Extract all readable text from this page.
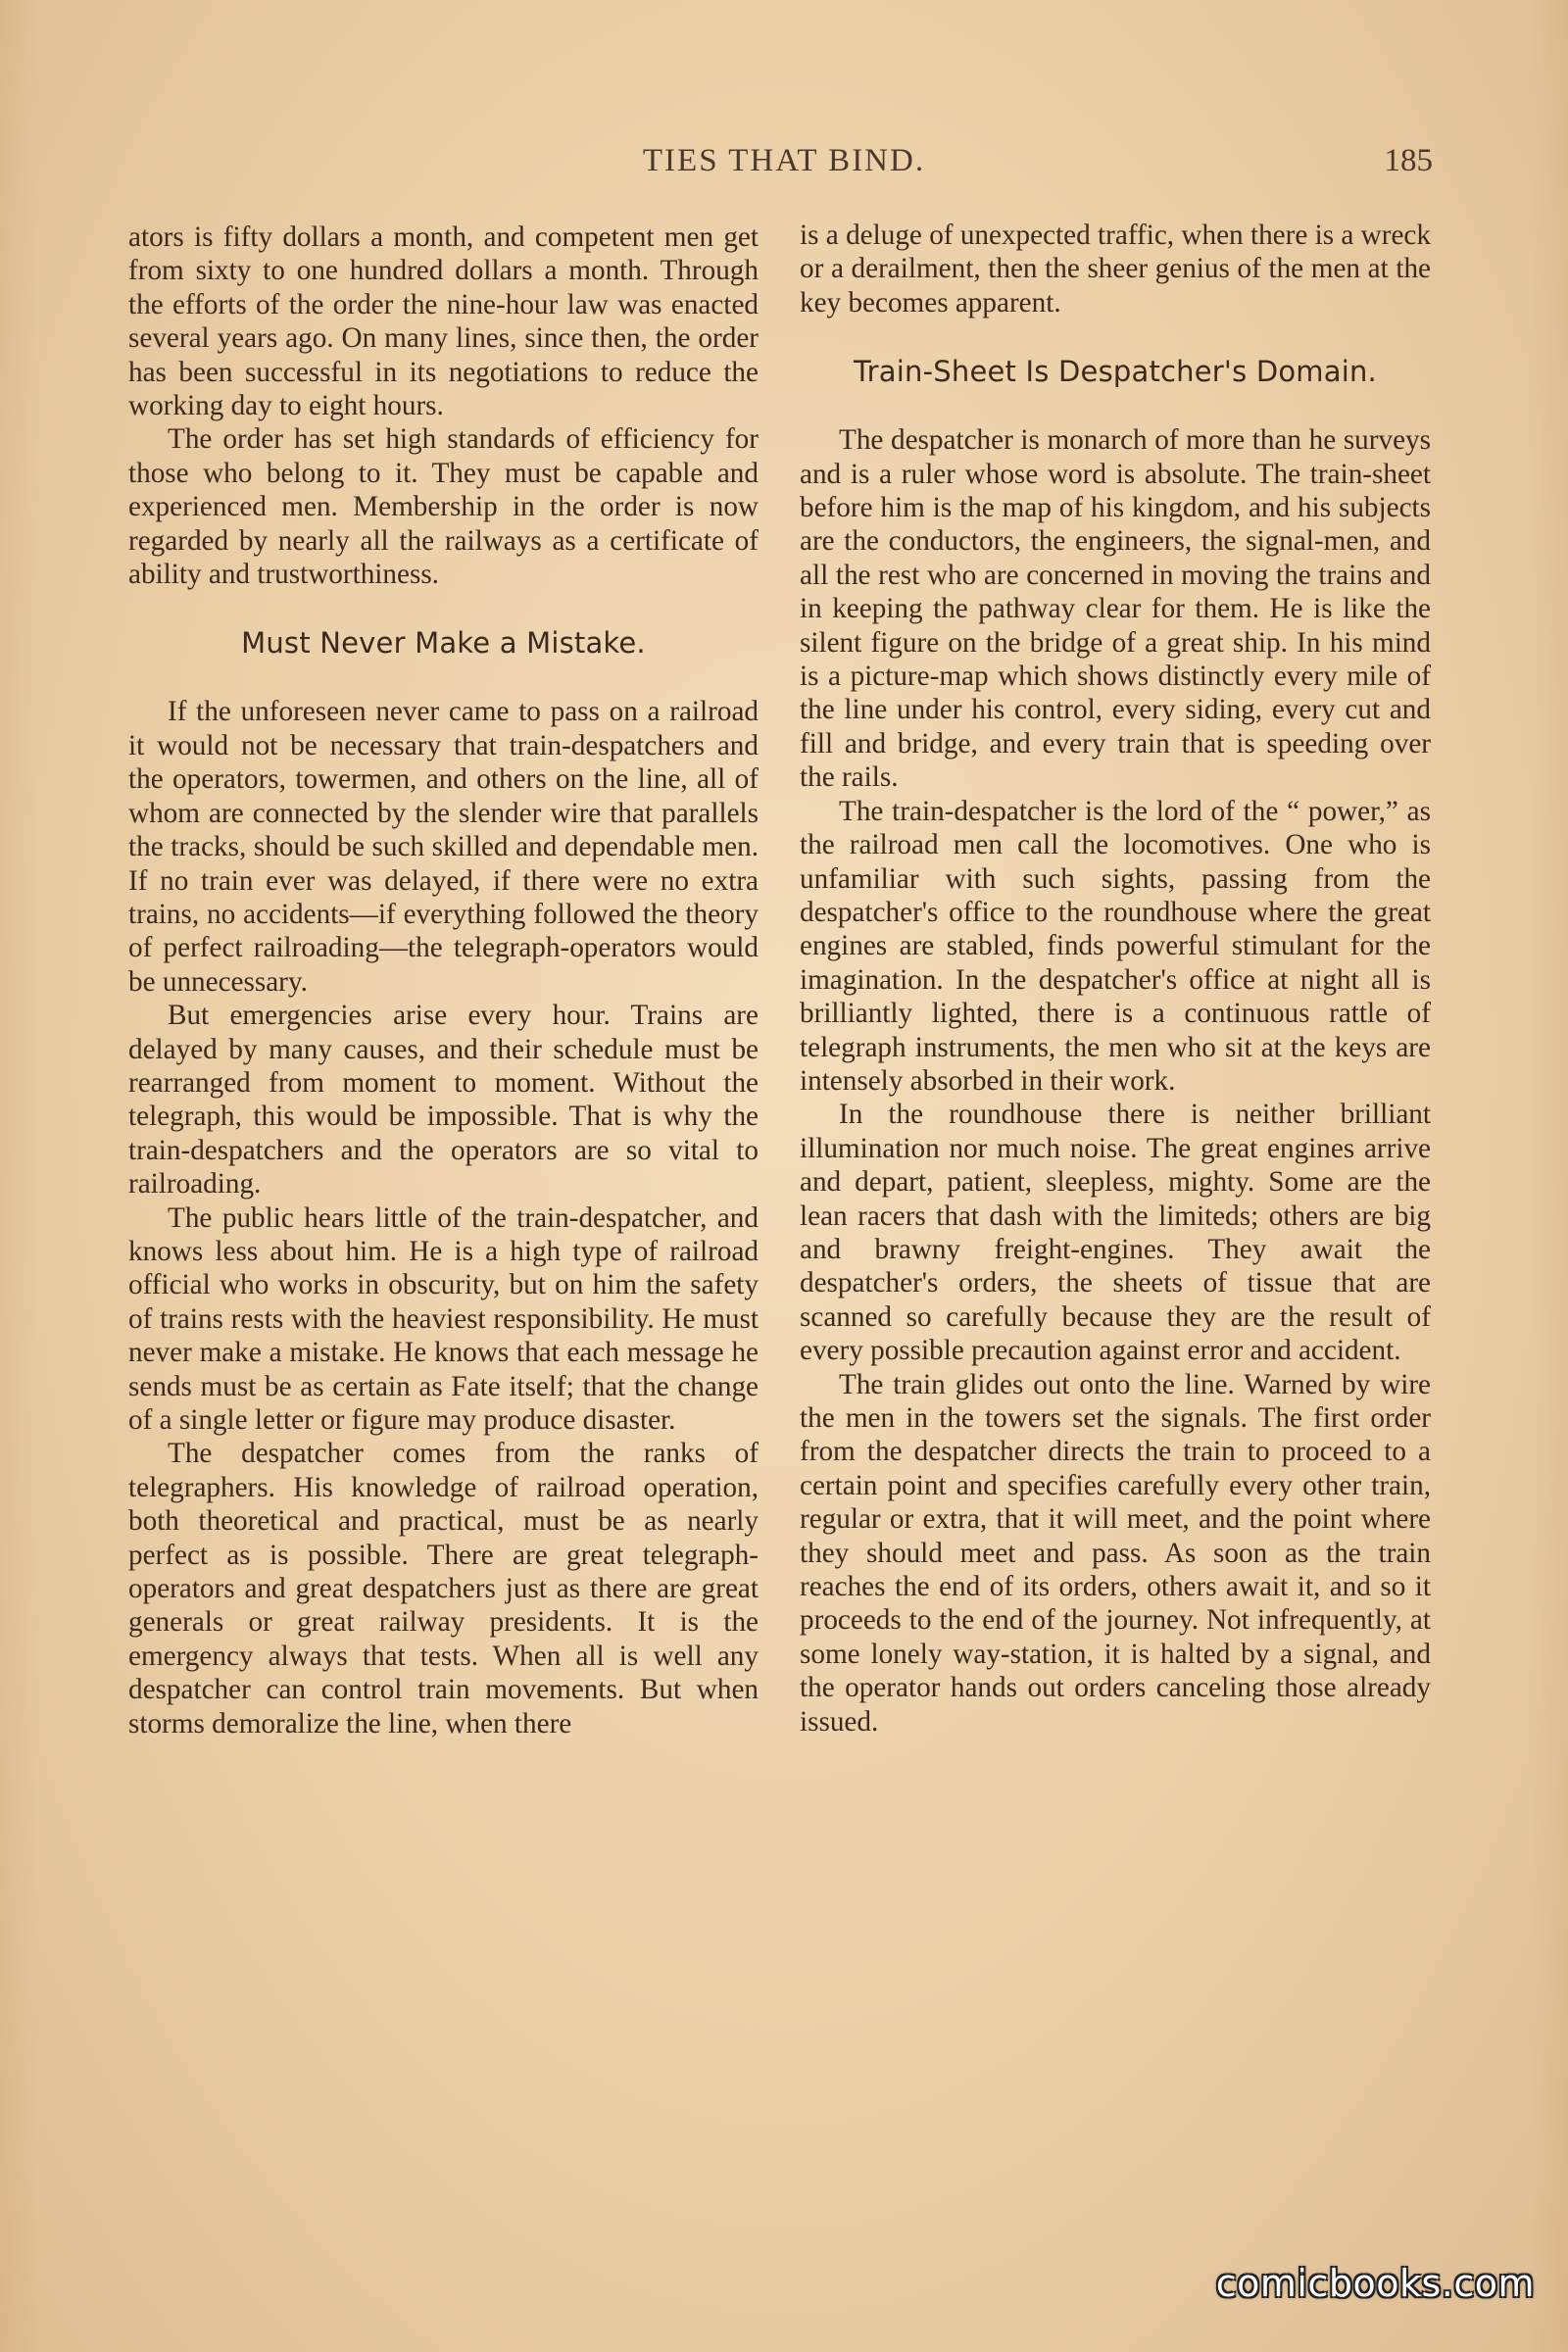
TIES THAT BIND.	185

ators is fifty dollars a month, and competent men get from sixty to one hundred dollars a month. Through the efforts of the order the nine-hour law was enacted several years ago. On many lines, since then, the order has been successful in its negotiations to reduce the working day to eight hours.

The order has set high standards of efficiency for those who belong to it. They must be capable and experienced men. Membership in the order is now regarded by nearly all the railways as a certificate of ability and trustworthiness.

Must Never Make a Mistake.

If the unforeseen never came to pass on a railroad it would not be necessary that train-despatchers and the operators, towermen, and others on the line, all of whom are connected by the slender wire that parallels the tracks, should be such skilled and dependable men. If no train ever was delayed, if there were no extra trains, no accidents—if everything followed the theory of perfect railroading—the telegraph-operators would be unnecessary.

But emergencies arise every hour. Trains are delayed by many causes, and their schedule must be rearranged from moment to moment. Without the telegraph, this would be impossible. That is why the train-despatchers and the operators are so vital to railroading.

The public hears little of the train-despatcher, and knows less about him. He is a high type of railroad official who works in obscurity, but on him the safety of trains rests with the heaviest responsibility. He must never make a mistake. He knows that each message he sends must be as certain as Fate itself; that the change of a single letter or figure may produce disaster.

The despatcher comes from the ranks of telegraphers. His knowledge of railroad operation, both theoretical and practical, must be as nearly perfect as is possible. There are great telegraph-operators and great despatchers just as there are great generals or great railway presidents. It is the emergency always that tests. When all is well any despatcher can control train movements. But when storms demoralize the line, when there

is a deluge of unexpected traffic, when there is a wreck or a derailment, then the sheer genius of the men at the key becomes apparent.

Train-Sheet Is Despatcher's Domain.

The despatcher is monarch of more than he surveys and is a ruler whose word is absolute. The train-sheet before him is the map of his kingdom, and his subjects are the conductors, the engineers, the signal-men, and all the rest who are concerned in moving the trains and in keeping the pathway clear for them. He is like the silent figure on the bridge of a great ship. In his mind is a picture-map which shows distinctly every mile of the line under his control, every siding, every cut and fill and bridge, and every train that is speeding over the rails.

The train-despatcher is the lord of the “ power,” as the railroad men call the locomotives. One who is unfamiliar with such sights, passing from the despatcher's office to the roundhouse where the great engines are stabled, finds powerful stimulant for the imagination. In the despatcher's office at night all is brilliantly lighted, there is a continuous rattle of telegraph instruments, the men who sit at the keys are intensely absorbed in their work.

In the roundhouse there is neither brilliant illumination nor much noise. The great engines arrive and depart, patient, sleepless, mighty. Some are the lean racers that dash with the limiteds; others are big and brawny freight-engines. They await the despatcher's orders, the sheets of tissue that are scanned so carefully because they are the result of every possible precaution against error and accident.

The train glides out onto the line. Warned by wire the men in the towers set the signals. The first order from the despatcher directs the train to proceed to a certain point and specifies carefully every other train, regular or extra, that it will meet, and the point where they should meet and pass. As soon as the train reaches the end of its orders, others await it, and so it proceeds to the end of the journey. Not infrequently, at some lonely way-station, it is halted by a signal, and the operator hands out orders canceling those already issued.

comicbooks.com
